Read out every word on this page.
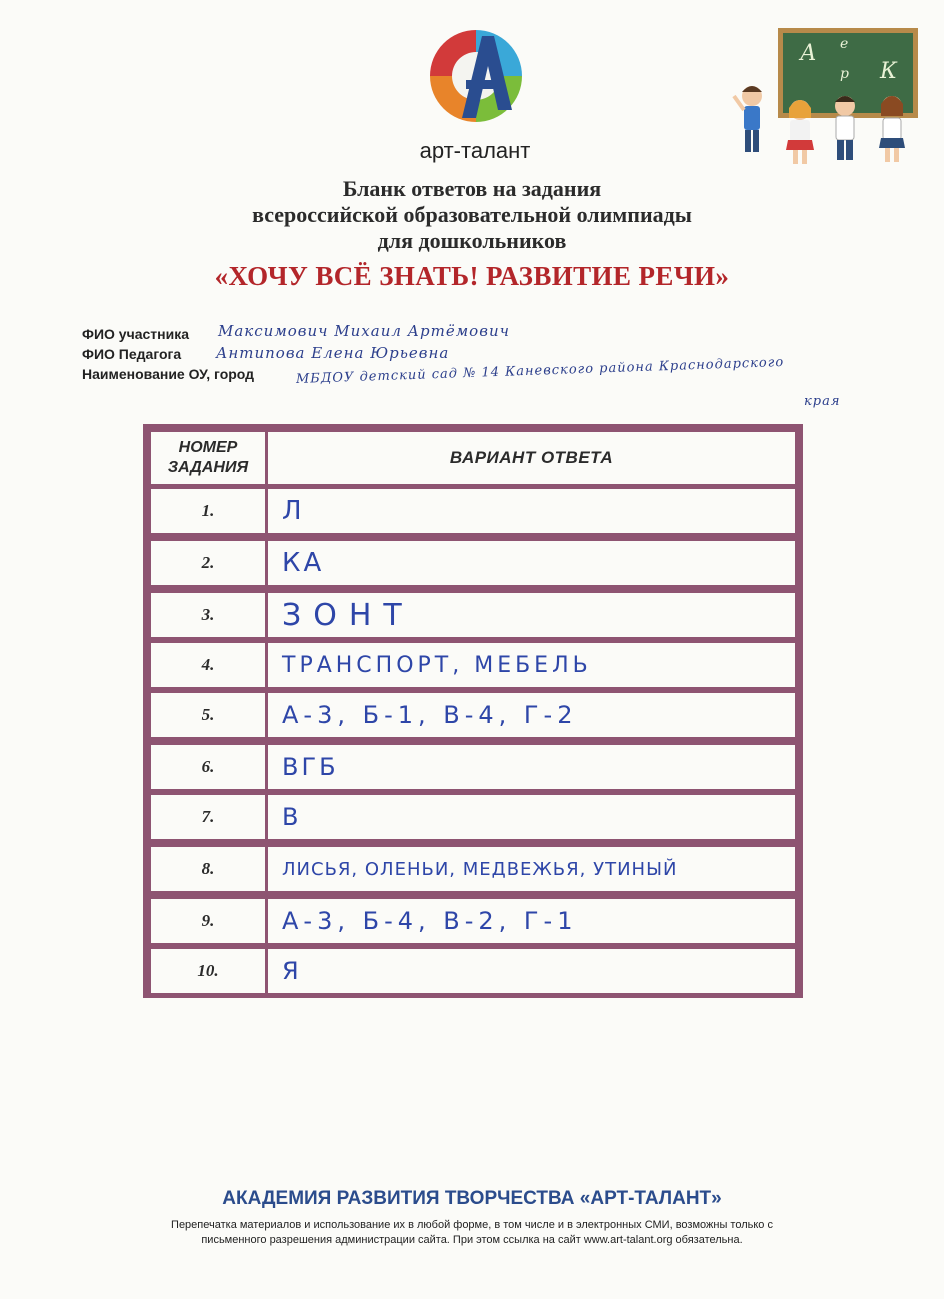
арт-талант
А е
р К
Бланк ответов на задания
всероссийской образовательной олимпиады
для дошкольников
«ХОЧУ ВСЁ ЗНАТЬ! РАЗВИТИЕ РЕЧИ»
ФИО участника Максимович Михаил Артёмович
ФИО Педагога Антипова Елена Юрьевна
Наименование ОУ, город	МБДОУ детский сад № 14 Каневского района Краснодарского
края
НОМЕР ЗАДАНИЯ
ВАРИАНТ ОТВЕТА
1.	Л
2.	КА
3.	ЗОНТ
4.	ТРАНСПОРТ, МЕБЕЛЬ
5.	А-3, Б-1, В-4, Г-2
6.	ВГБ
7.	В
8.	ЛИСЬЯ, ОЛЕНЬИ, МЕДВЕЖЬЯ, УТИНЫЙ
9.	А-3, Б-4, В-2, Г-1
10.	Я
АКАДЕМИЯ РАЗВИТИЯ ТВОРЧЕСТВА «АРТ-ТАЛАНТ»
Перепечатка материалов и использование их в любой форме, в том числе и в электронных СМИ, возможны только с
письменного разрешения администрации сайта. При этом ссылка на сайт www.art-talant.org обязательна.
